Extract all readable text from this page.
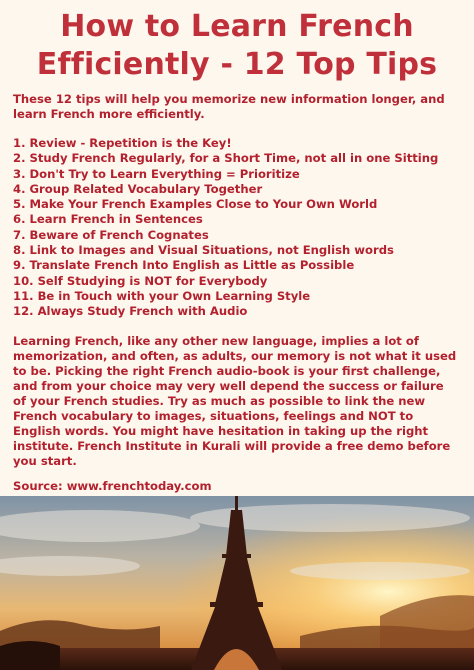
How to Learn French Efficiently - 12 Top Tips

These 12 tips will help you memorize new information longer, and learn French more efficiently.

1. Review - Repetition is the Key!
2. Study French Regularly, for a Short Time, not all in one Sitting
3. Don't Try to Learn Everything = Prioritize
4. Group Related Vocabulary Together
5. Make Your French Examples Close to Your Own World
6. Learn French in Sentences
7. Beware of French Cognates
8. Link to Images and Visual Situations, not English words
9. Translate French Into English as Little as Possible
10. Self Studying is NOT for Everybody
11. Be in Touch with your Own Learning Style
12. Always Study French with Audio

Learning French, like any other new language, implies a lot of memorization, and often, as adults, our memory is not what it used to be. Picking the right French audio-book is your first challenge, and from your choice may very well depend the success or failure of your French studies. Try as much as possible to link the new French vocabulary to images, situations, feelings and NOT to English words. You might have hesitation in taking up the right institute. French Institute in Kurali will provide a free demo before you start.

Source: www.frenchtoday.com
